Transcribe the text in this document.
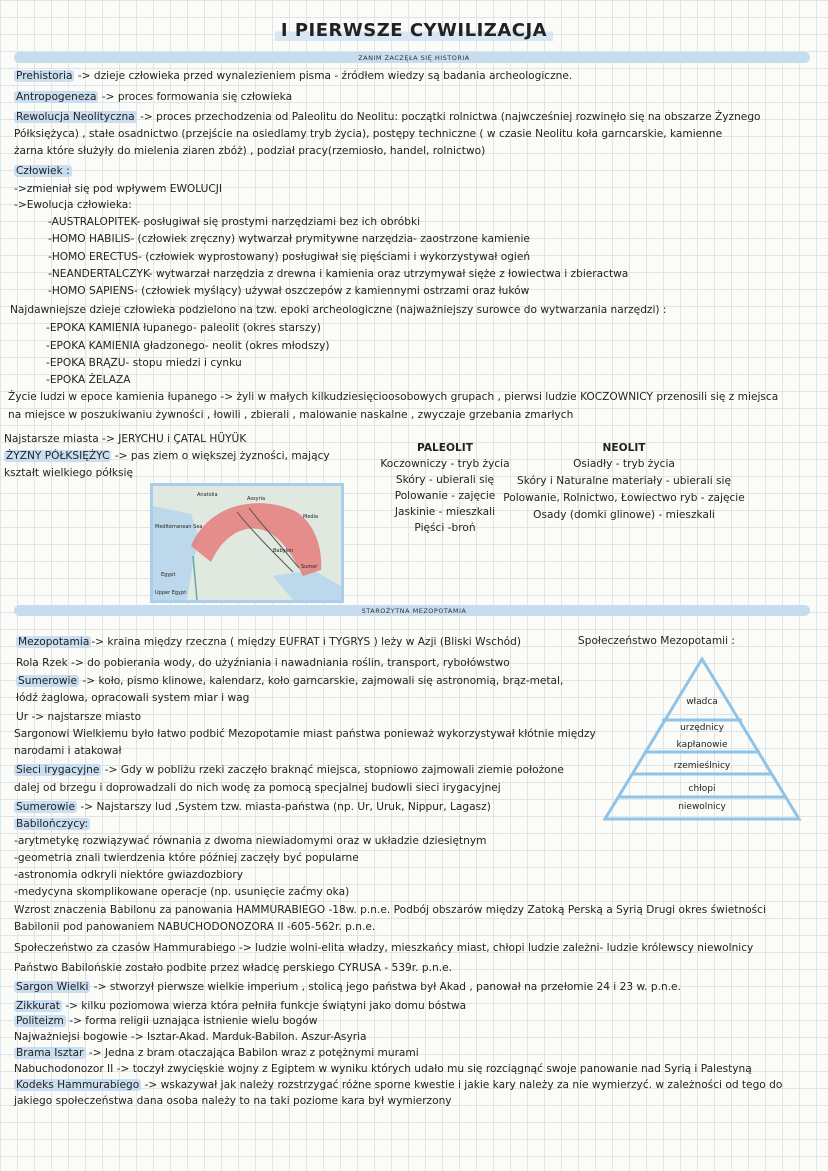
I PIERWSZE CYWILIZACJA
ZANIM ZACZĘŁA SIĘ HISTORIA
Prehistoria -> dzieje człowieka przed wynalezieniem pisma - źródłem wiedzy są badania archeologiczne.
Antropogeneza -> proces formowania się człowieka
Rewolucja Neolityczna -> proces przechodzenia od Paleolitu do Neolitu: początki rolnictwa (najwcześniej rozwinęło się na obszarze Żyznego
Półksiężyca) , stałe osadnictwo (przejście na osiedlamy tryb życia), postępy techniczne ( w czasie Neolitu koła garncarskie, kamienne
żarna które służyły do mielenia ziaren zbóż) , podział pracy(rzemiosło, handel, rolnictwo)
Człowiek :
->zmieniał się pod wpływem EWOLUCJI
->Ewolucja człowieka:
-AUSTRALOPITEK- posługiwał się prostymi narzędziami bez ich obróbki
-HOMO HABILIS- (człowiek zręczny) wytwarzał prymitywne narzędzia- zaostrzone kamienie
-HOMO ERECTUS- (człowiek wyprostowany) posługiwał się pięściami i wykorzystywał ogień
-NEANDERTALCZYK- wytwarzał narzędzia z drewna i kamienia oraz utrzymywał sięże z łowiectwa i zbieractwa
-HOMO SAPIENS- (człowiek myślący) używał oszczepów z kamiennymi ostrzami oraz łuków
Najdawniejsze dzieje człowieka podzielono na tzw. epoki archeologiczne (najważniejszy surowce do wytwarzania narzędzi) :
-EPOKA KAMIENIA łupanego- paleolit (okres starszy)
-EPOKA KAMIENIA gładzonego- neolit (okres młodszy)
-EPOKA BRĄZU- stopu miedzi i cynku
-EPOKA ŻELAZA
Życie ludzi w epoce kamienia łupanego -> żyli w małych kilkudziesięcioosobowych grupach , pierwsi ludzie KOCZOWNICY przenosili się z miejsca
na miejsce w poszukiwaniu żywności , łowili , zbierali , malowanie naskalne , zwyczaje grzebania zmarłych
Najstarsze miasta -> JERYCHU i ÇATAL HÜYÜK
ŻYZNY PÓŁKSIĘŻYC -> pas ziem o większej żyzności, mający
kształt wielkiego półksię
Anatolia
Assyria
Media
Mediterranean Sea
Babylon
Sumer
Egypt
Upper Egypt
PALEOLIT
Koczowniczy - tryb życia
Skóry - ubierali się
Polowanie - zajęcie
Jaskinie - mieszkali
Pięści -broń
NEOLIT
Osiadły - tryb życia
Skóry i Naturalne materiały - ubierali się
Polowanie, Rolnictwo, Łowiectwo ryb - zajęcie
Osady (domki glinowe) - mieszkali
STAROŻYTNA MEZOPOTAMIA
Mezopotamia -> kraina między rzeczna ( między EUFRAT i TYGRYS ) leży w Azji (Bliski Wschód)
Rola Rzek -> do pobierania wody, do użyźniania i nawadniania roślin, transport, rybołówstwo
Sumerowie -> koło, pismo klinowe, kalendarz, koło garncarskie, zajmowali się astronomią, brąz-metal,
łódź żaglowa, opracowali system miar i wag
Ur -> najstarsze miasto
Sargonowi Wielkiemu było łatwo podbić Mezopotamie miast państwa ponieważ wykorzystywał kłótnie między
narodami i atakował
Sieci irygacyjne -> Gdy w pobliżu rzeki zaczęło braknąć miejsca, stopniowo zajmowali ziemie położone
dalej od brzegu i doprowadzali do nich wodę za pomocą specjalnej budowli sieci irygacyjnej
Sumerowie -> Najstarszy lud ,System tzw. miasta-państwa (np. Ur, Uruk, Nippur, Lagasz)
Babilończycy:
-arytmetykę rozwiązywać równania z dwoma niewiadomymi oraz w układzie dziesiętnym
-geometria znali twierdzenia które później zaczęły być popularne
-astronomia odkryli niektóre gwiazdozbiory
-medycyna skomplikowane operacje (np. usunięcie zaćmy oka)
Wzrost znaczenia Babilonu za panowania HAMMURABIEGO -18w. p.n.e. Podbój obszarów między Zatoką Perską a Syrią Drugi okres świetności
Babilonii pod panowaniem NABUCHODONOZORA II -605-562r. p.n.e.
Społeczeństwo za czasów Hammurabiego -> ludzie wolni-elita władzy, mieszkańcy miast, chłopi ludzie zależni- ludzie królewscy niewolnicy
Państwo Babilońskie zostało podbite przez władcę perskiego CYRUSA - 539r. p.n.e.
Sargon Wielki -> stworzył pierwsze wielkie imperium , stolicą jego państwa był Akad , panował na przełomie 24 i 23 w. p.n.e.
Zikkurat -> kilku poziomowa wierza która pełniła funkcje świątyni jako domu bóstwa
Politeizm -> forma religii uznająca istnienie wielu bogów
Najważniejsi bogowie -> Isztar-Akad. Marduk-Babilon. Aszur-Asyria
Brama Isztar -> Jedna z bram otaczająca Babilon wraz z potężnymi murami
Nabuchodonozor II -> toczył zwycięskie wojny z Egiptem w wyniku których udało mu się rozciągnąć swoje panowanie nad Syrią i Palestyną
Kodeks Hammurabiego -> wskazywał jak należy rozstrzygać różne sporne kwestie i jakie kary należy za nie wymierzyć. w zależności od tego do
jakiego społeczeństwa dana osoba należy to na taki poziome kara był wymierzony
Społeczeństwo Mezopotamii :
władca
urzędnicy
kapłanowie
rzemieślnicy
chłopi
niewolnicy
